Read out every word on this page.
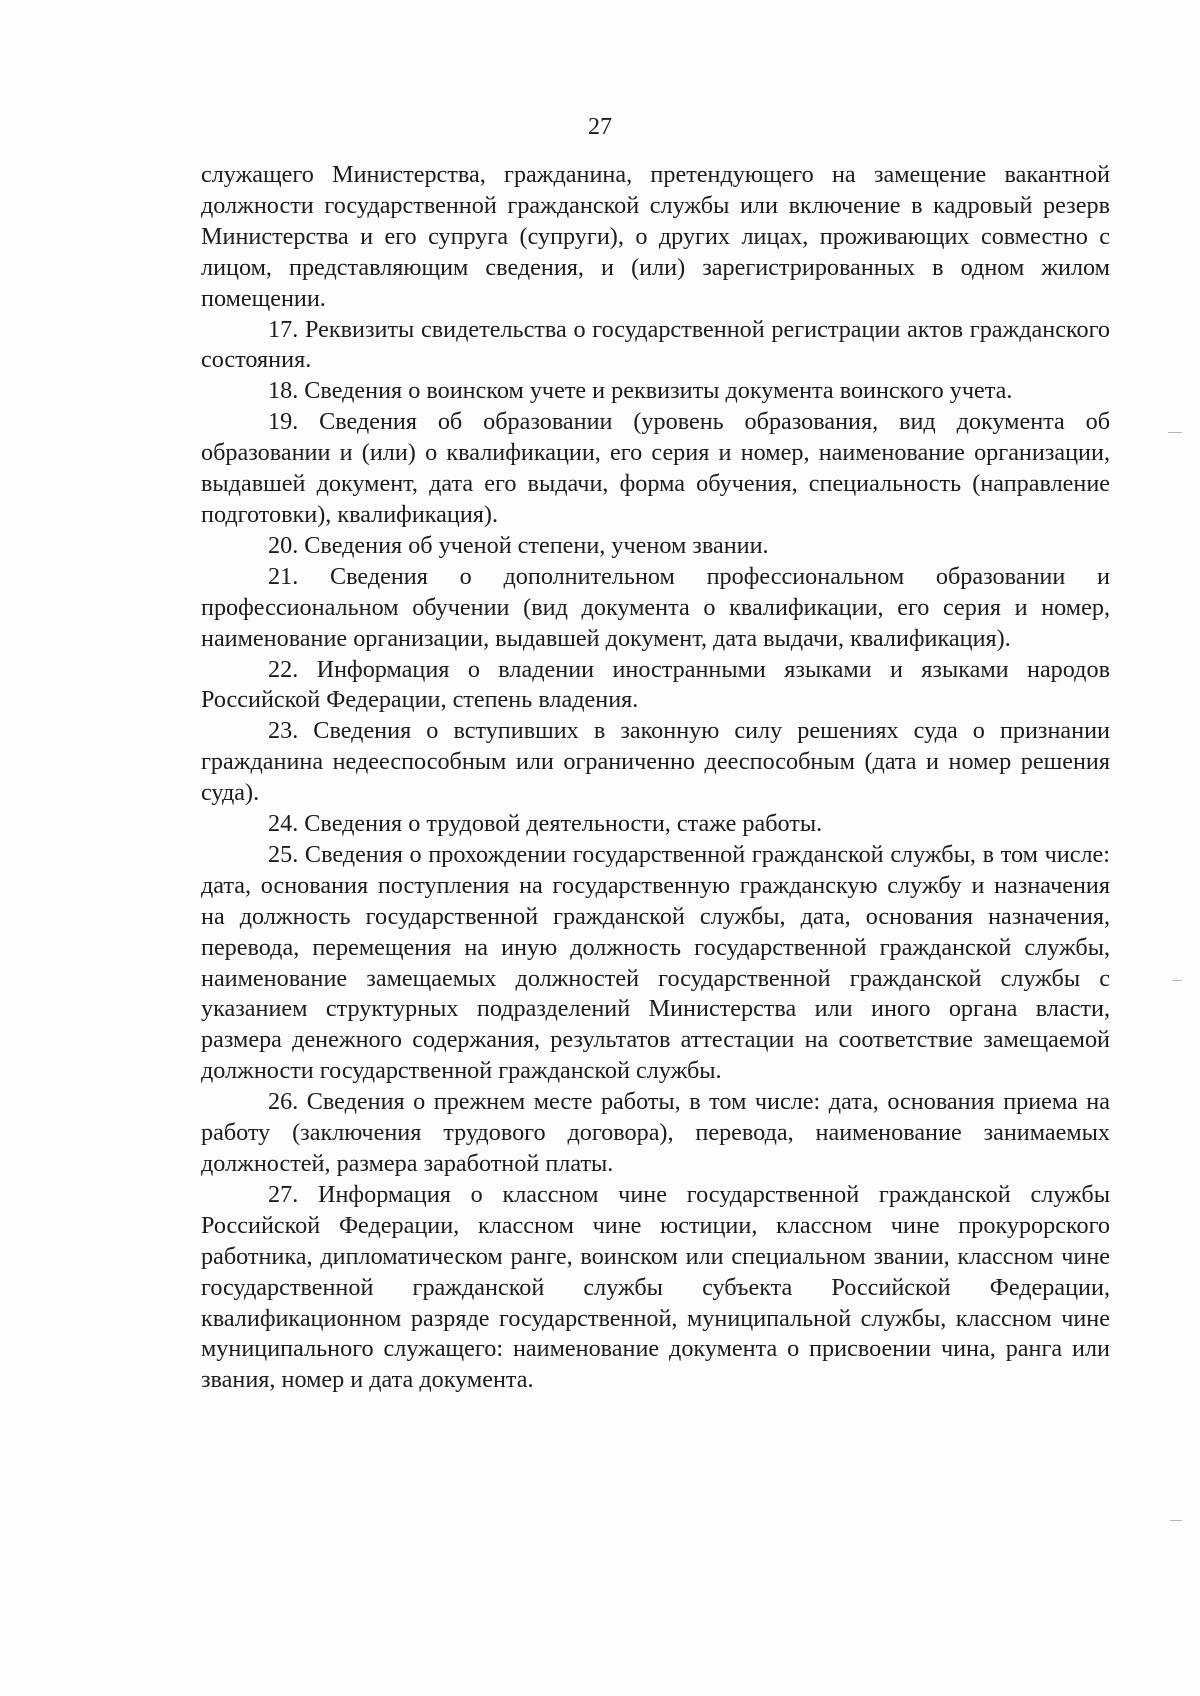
27

служащего Министерства, гражданина, претендующего на замещение вакантной должности государственной гражданской службы или включение в кадровый резерв Министерства и его супруга (супруги), о других лицах, проживающих совместно с лицом, представляющим сведения, и (или) зарегистрированных в одном жилом помещении.

17. Реквизиты свидетельства о государственной регистрации актов гражданского состояния.

18. Сведения о воинском учете и реквизиты документа воинского учета.

19. Сведения об образовании (уровень образования, вид документа об образовании и (или) о квалификации, его серия и номер, наименование организации, выдавшей документ, дата его выдачи, форма обучения, специальность (направление подготовки), квалификация).

20. Сведения об ученой степени, ученом звании.

21. Сведения о дополнительном профессиональном образовании и профессиональном обучении (вид документа о квалификации, его серия и номер, наименование организации, выдавшей документ, дата выдачи, квалификация).

22. Информация о владении иностранными языками и языками народов Российской Федерации, степень владения.

23. Сведения о вступивших в законную силу решениях суда о признании гражданина недееспособным или ограниченно дееспособным (дата и номер решения суда).

24. Сведения о трудовой деятельности, стаже работы.

25. Сведения о прохождении государственной гражданской службы, в том числе: дата, основания поступления на государственную гражданскую службу и назначения на должность государственной гражданской службы, дата, основания назначения, перевода, перемещения на иную должность государственной гражданской службы, наименование замещаемых должностей государственной гражданской службы с указанием структурных подразделений Министерства или иного органа власти, размера денежного содержания, результатов аттестации на соответствие замещаемой должности государственной гражданской службы.

26. Сведения о прежнем месте работы, в том числе: дата, основания приема на работу (заключения трудового договора), перевода, наименование занимаемых должностей, размера заработной платы.

27. Информация о классном чине государственной гражданской службы Российской Федерации, классном чине юстиции, классном чине прокурорского работника, дипломатическом ранге, воинском или специальном звании, классном чине государственной гражданской службы субъекта Российской Федерации, квалификационном разряде государственной, муниципальной службы, классном чине муниципального служащего: наименование документа о присвоении чина, ранга или звания, номер и дата документа.
